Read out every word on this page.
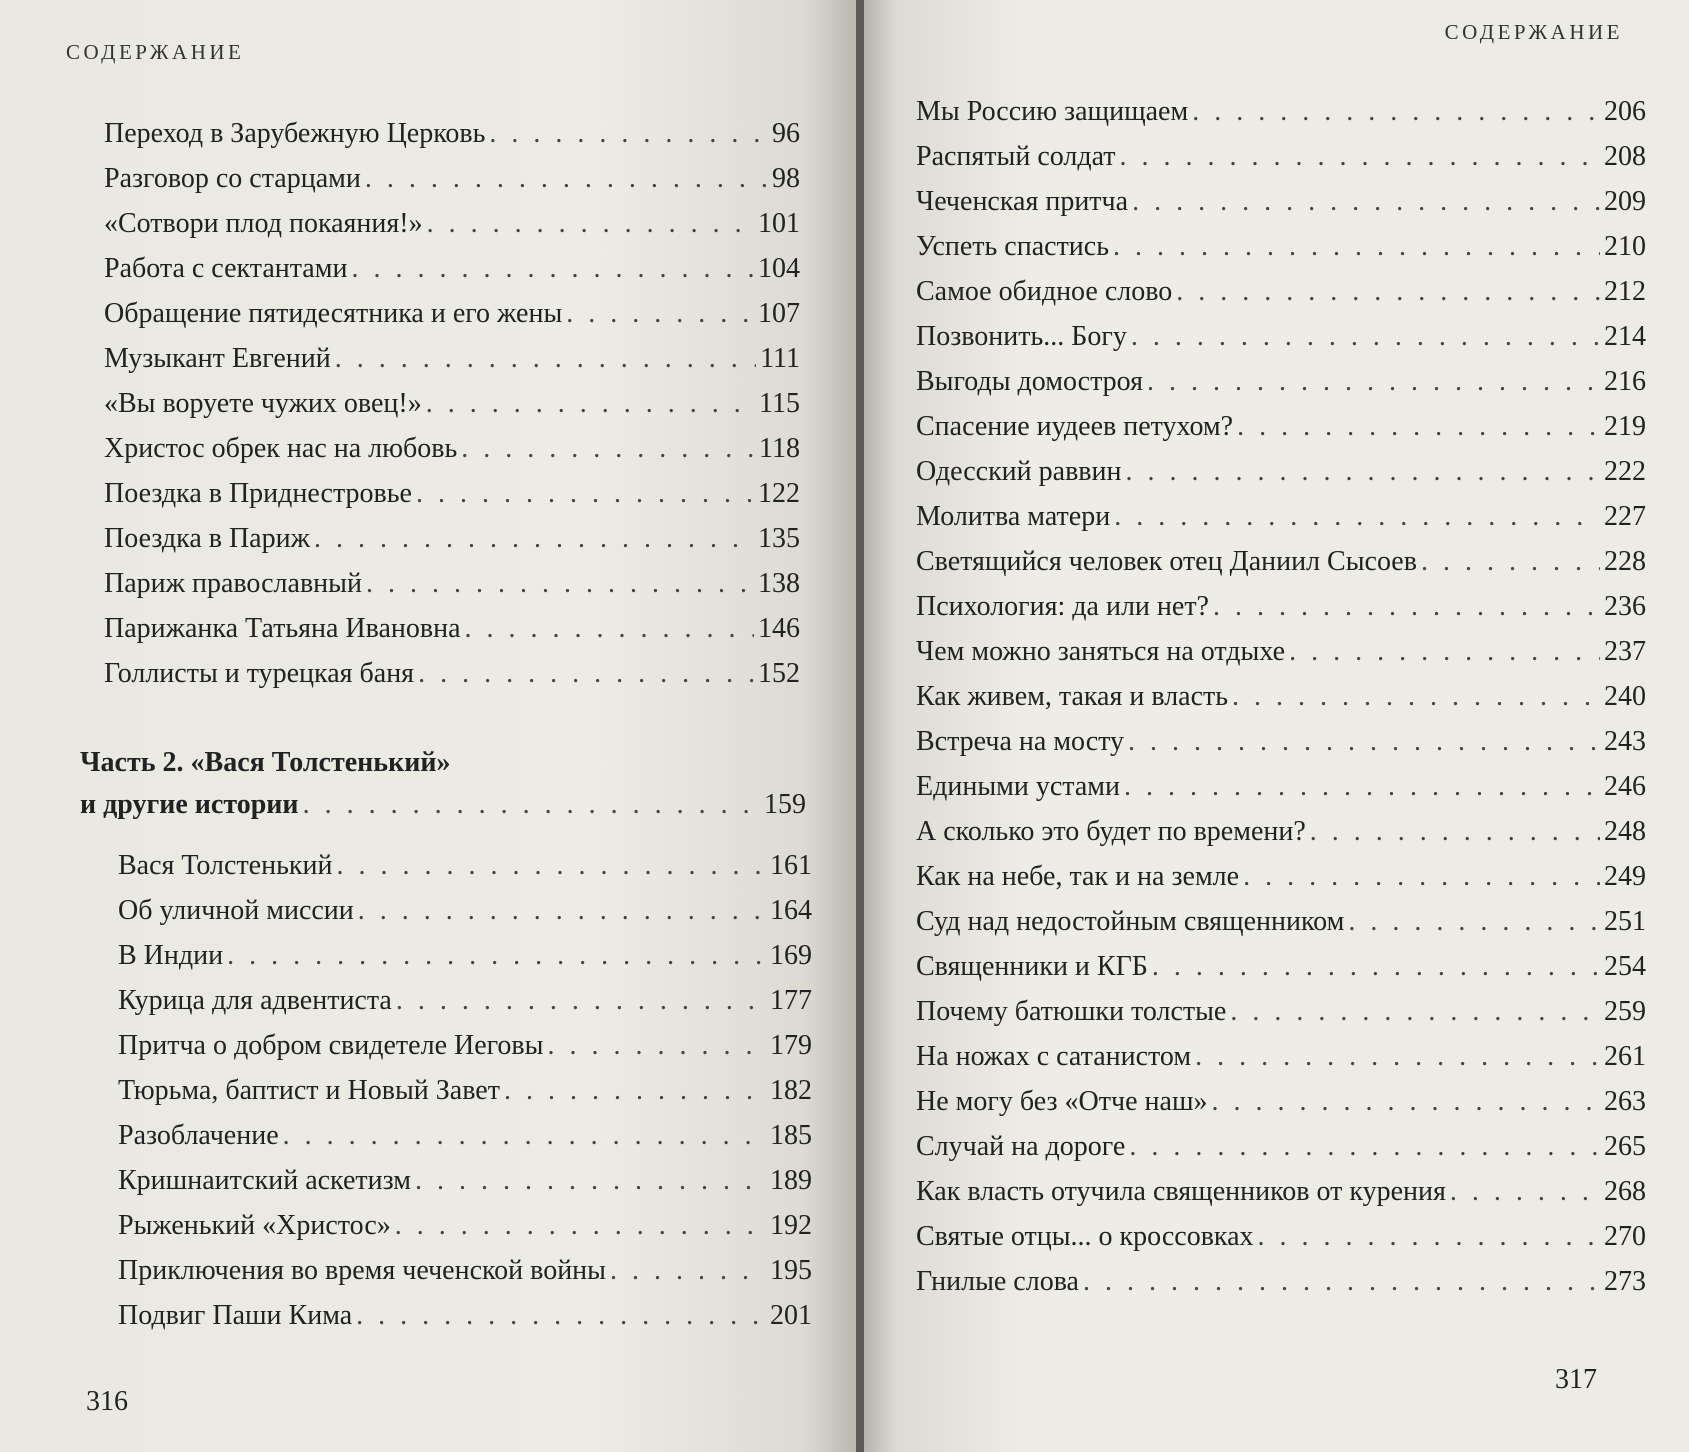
СОДЕРЖАНИЕ
Переход в Зарубежную Церковь . . .	96
Разговор со старцами . . .	98
«Сотвори плод покаяния!» . . .	101
Работа с сектантами . . .	104
Обращение пятидесятника и его жены . . .	107
Музыкант Евгений . . .	111
«Вы воруете чужих овец!» . . .	115
Христос обрек нас на любовь . . .	118
Поездка в Приднестровье . . .	122
Поездка в Париж . . .	135
Париж православный . . .	138
Парижанка Татьяна Ивановна . . .	146
Голлисты и турецкая баня . . .	152
Часть 2. «Вася Толстенький»
и другие истории . . .	159
Вася Толстенький . . .	161
Об уличной миссии . . .	164
В Индии . . .	169
Курица для адвентиста . . .	177
Притча о добром свидетеле Иеговы . . .	179
Тюрьма, баптист и Новый Завет . . .	182
Разоблачение . . .	185
Кришнаитский аскетизм . . .	189
Рыженький «Христос» . . .	192
Приключения во время чеченской войны . . .	195
Подвиг Паши Кима . . .	201
316
СОДЕРЖАНИЕ
Мы Россию защищаем . . .	206
Распятый солдат . . .	208
Чеченская притча . . .	209
Успеть спастись . . .	210
Самое обидное слово . . .	212
Позвонить... Богу . . .	214
Выгоды домостроя . . .	216
Спасение иудеев петухом? . . .	219
Одесский раввин . . .	222
Молитва матери . . .	227
Светящийся человек отец Даниил Сысоев . . .	228
Психология: да или нет? . . .	236
Чем можно заняться на отдыхе . . .	237
Как живем, такая и власть . . .	240
Встреча на мосту . . .	243
Едиными устами . . .	246
А сколько это будет по времени? . . .	248
Как на небе, так и на земле . . .	249
Суд над недостойным священником . . .	251
Священники и КГБ . . .	254
Почему батюшки толстые . . .	259
На ножах с сатанистом . . .	261
Не могу без «Отче наш» . . .	263
Случай на дороге . . .	265
Как власть отучила священников от курения . . .	268
Святые отцы... о кроссовках . . .	270
Гнилые слова . . .	273
317
